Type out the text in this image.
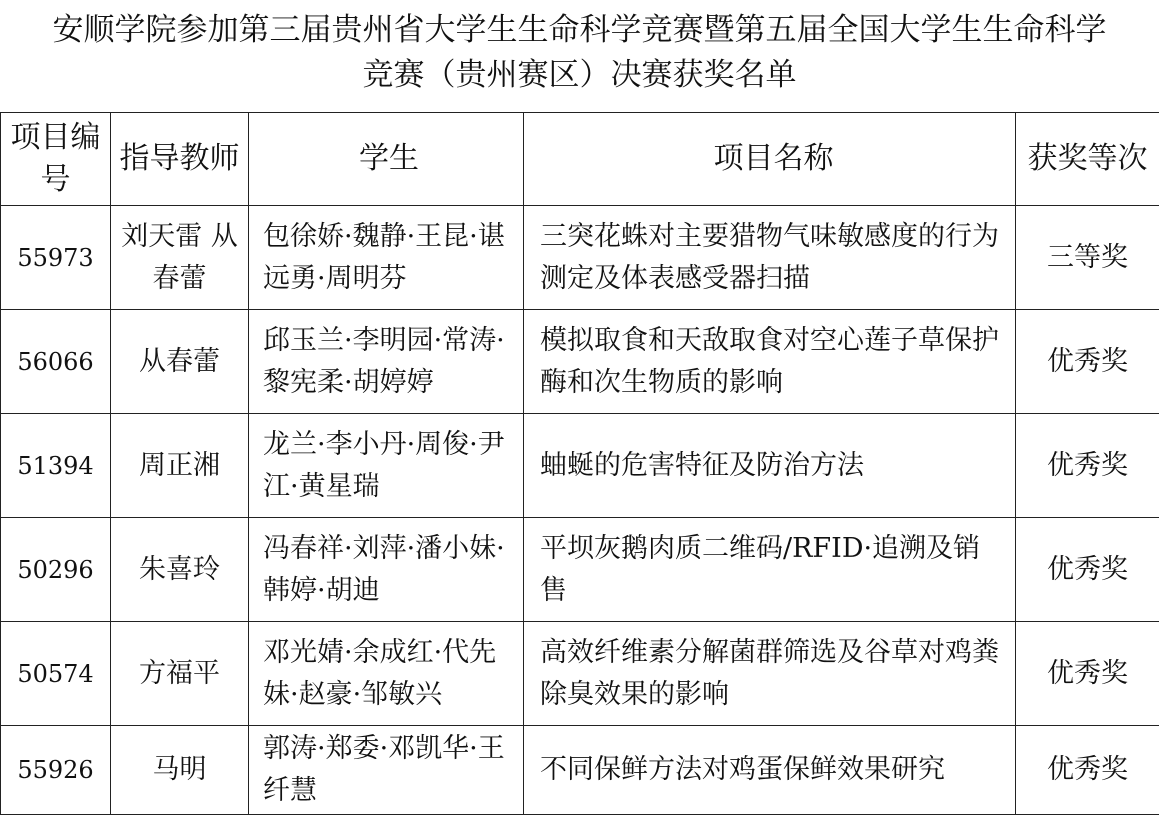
安顺学院参加第三届贵州省大学生生命科学竞赛暨第五届全国大学生生命科学
竞赛（贵州赛区）决赛获奖名单
项目编号	指导教师	学生	项目名称	获奖等次
55973	刘天雷 从春蕾	包徐娇·魏静·王昆·谌远勇·周明芬	三突花蛛对主要猎物气味敏感度的行为测定及体表感受器扫描	三等奖
56066	从春蕾	邱玉兰·李明园·常涛·黎宪柔·胡婷婷	模拟取食和天敌取食对空心莲子草保护酶和次生物质的影响	优秀奖
51394	周正湘	龙兰·李小丹·周俊·尹江·黄星瑞	蚰蜒的危害特征及防治方法	优秀奖
50296	朱喜玲	冯春祥·刘萍·潘小妹·韩婷·胡迪	平坝灰鹅肉质二维码/RFID·追溯及销售	优秀奖
50574	方福平	邓光婧·余成红·代先妹·赵豪·邹敏兴	高效纤维素分解菌群筛选及谷草对鸡粪除臭效果的影响	优秀奖
55926	马明	郭涛·郑委·邓凯华·王纤慧	不同保鲜方法对鸡蛋保鲜效果研究	优秀奖
